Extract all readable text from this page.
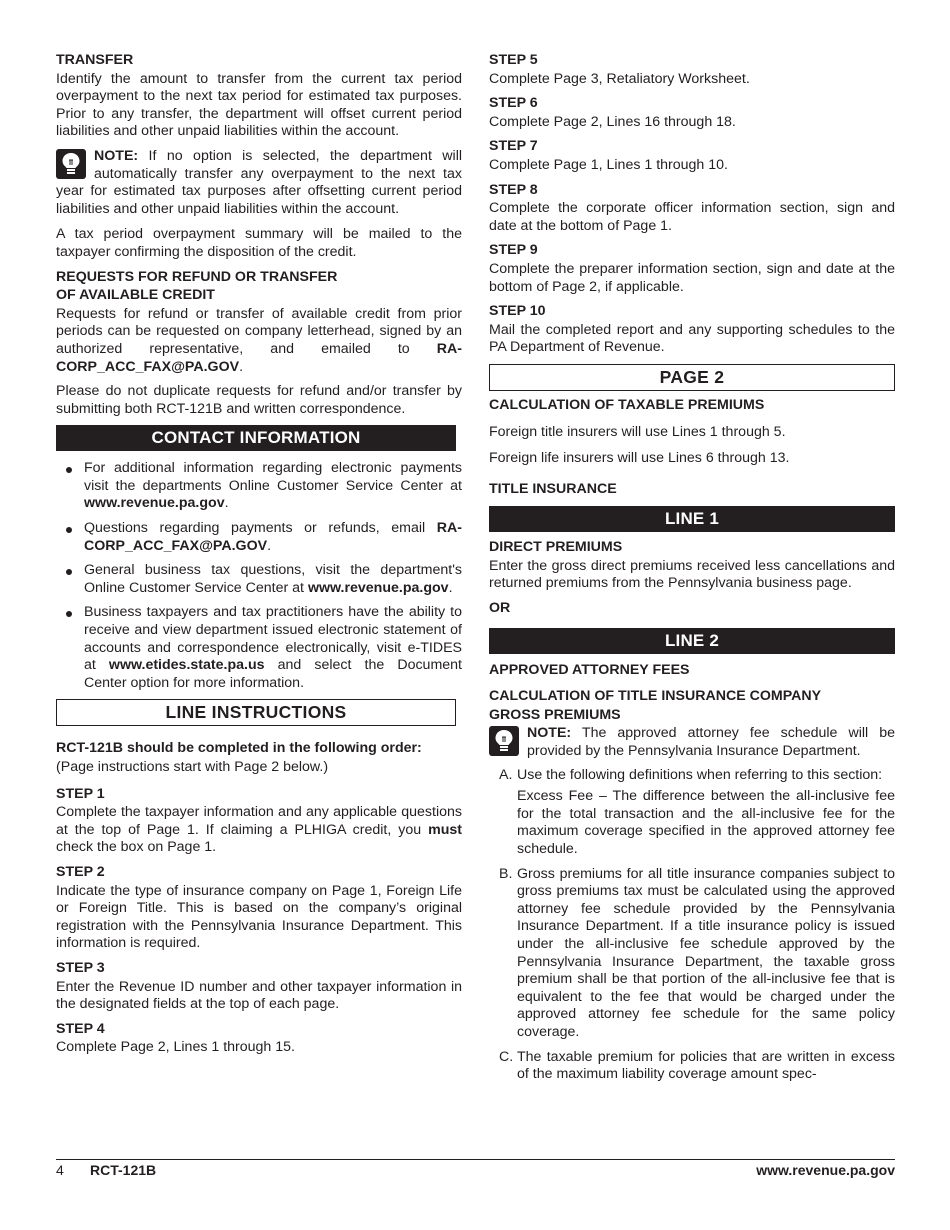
TRANSFER

Identify the amount to transfer from the current tax period overpayment to the next tax period for estimated tax purposes. Prior to any transfer, the department will offset current period liabilities and other unpaid liabilities within the account.

NOTE: If no option is selected, the department will automatically transfer any overpayment to the next tax year for estimated tax purposes after offsetting current period liabilities and other unpaid liabilities within the account.

A tax period overpayment summary will be mailed to the taxpayer confirming the disposition of the credit.

REQUESTS FOR REFUND OR TRANSFER
OF AVAILABLE CREDIT

Requests for refund or transfer of available credit from prior periods can be requested on company letterhead, signed by an authorized representative, and emailed to RA-CORP_ACC_FAX@PA.GOV.

Please do not duplicate requests for refund and/or transfer by submitting both RCT-121B and written correspondence.

CONTACT INFORMATION
For additional information regarding electronic payments visit the departments Online Customer Service Center at www.revenue.pa.gov.
Questions regarding payments or refunds, email RA-CORP_ACC_FAX@PA.GOV.
General business tax questions, visit the department's Online Customer Service Center at www.revenue.pa.gov.
Business taxpayers and tax practitioners have the ability to receive and view department issued electronic statement of accounts and correspondence electronically, visit e-TIDES at www.etides.state.pa.us and select the Document Center option for more information.
LINE INSTRUCTIONS
RCT-121B should be completed in the following order:

(Page instructions start with Page 2 below.)

STEP 1

Complete the taxpayer information and any applicable questions at the top of Page 1. If claiming a PLHIGA credit, you must check the box on Page 1.

STEP 2

Indicate the type of insurance company on Page 1, Foreign Life or Foreign Title. This is based on the company’s original registration with the Pennsylvania Insurance Department. This information is required.

STEP 3

Enter the Revenue ID number and other taxpayer information in the designated fields at the top of each page.

STEP 4

Complete Page 2, Lines 1 through 15.

STEP 5

Complete Page 3, Retaliatory Worksheet.

STEP 6

Complete Page 2, Lines 16 through 18.

STEP 7

Complete Page 1, Lines 1 through 10.

STEP 8

Complete the corporate officer information section, sign and date at the bottom of Page 1.

STEP 9

Complete the preparer information section, sign and date at the bottom of Page 2, if applicable.

STEP 10

Mail the completed report and any supporting schedules to the PA Department of Revenue.

PAGE 2
CALCULATION OF TAXABLE PREMIUMS

Foreign title insurers will use Lines 1 through 5.

Foreign life insurers will use Lines 6 through 13.

TITLE INSURANCE
LINE 1
DIRECT PREMIUMS

Enter the gross direct premiums received less cancellations and returned premiums from the Pennsylvania business page.

OR
LINE 2
APPROVED ATTORNEY FEES
CALCULATION OF TITLE INSURANCE COMPANY
GROSS PREMIUMS

NOTE: The approved attorney fee schedule will be provided by the Pennsylvania Insurance Department.

A. Use the following definitions when referring to this section:
Excess Fee – The difference between the all-inclusive fee for the total transaction and the all-inclusive fee for the maximum coverage specified in the approved attorney fee schedule.
B. Gross premiums for all title insurance companies subject to gross premiums tax must be calculated using the approved attorney fee schedule provided by the Pennsylvania Insurance Department. If a title insurance policy is issued under the all-inclusive fee schedule approved by the Pennsylvania Insurance Department, the taxable gross premium shall be that portion of the all-inclusive fee that is equivalent to the fee that would be charged under the approved attorney fee schedule for the same policy coverage.
C. The taxable premium for policies that are written in excess of the maximum liability coverage amount spec-
4 RCT-121B	www.revenue.pa.gov
